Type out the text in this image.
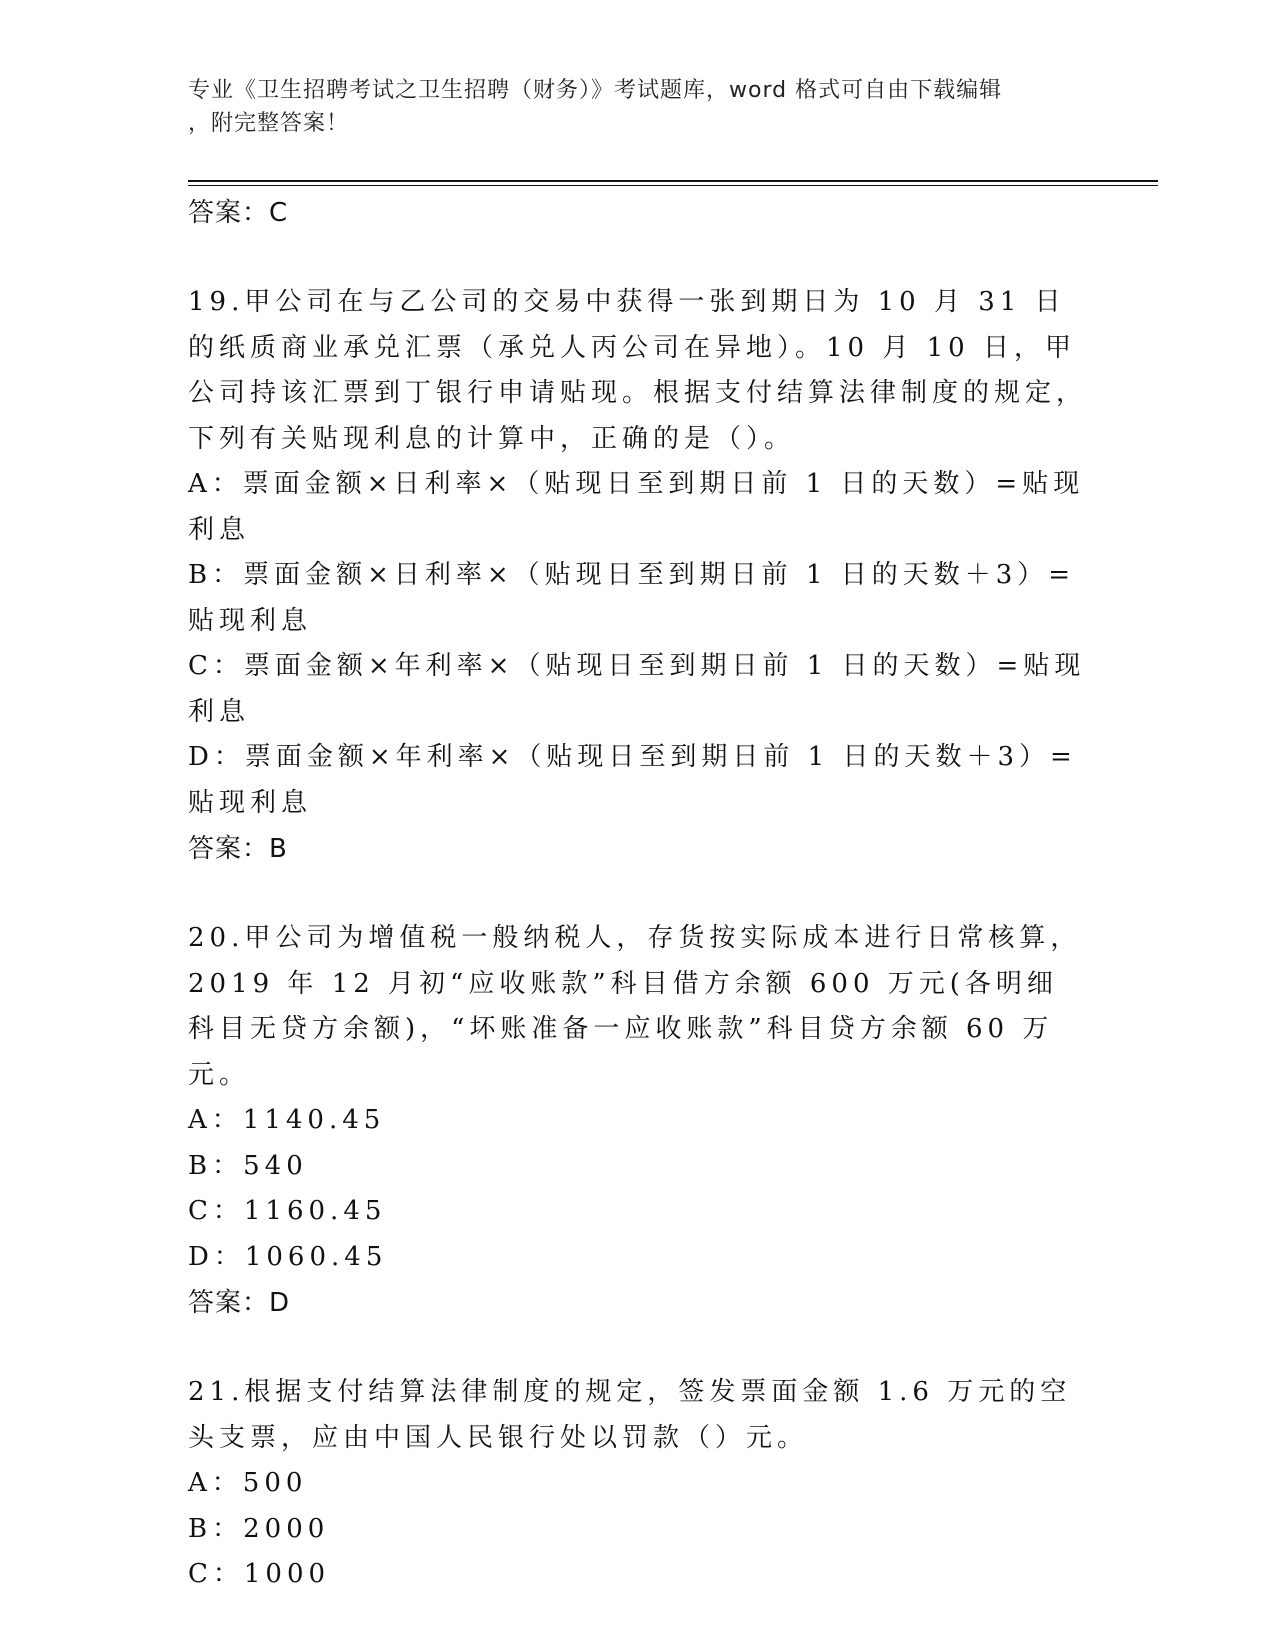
专业《卫生招聘考试之卫生招聘（财务）》考试题库，word 格式可自由下载编辑
，附完整答案！

答案：C

19.甲公司在与乙公司的交易中获得一张到期日为 10 月 31 日的纸质商业承兑汇票（承兑人丙公司在异地）。10 月 10 日，甲公司持该汇票到丁银行申请贴现。根据支付结算法律制度的规定，下列有关贴现利息的计算中，正确的是（）。

A：票面金额×日利率×（贴现日至到期日前 1 日的天数）=贴现利息

B：票面金额×日利率×（贴现日至到期日前 1 日的天数＋3）=贴现利息

C：票面金额×年利率×（贴现日至到期日前 1 日的天数）=贴现利息

D：票面金额×年利率×（贴现日至到期日前 1 日的天数＋3）=贴现利息

答案：B

20.甲公司为增值税一般纳税人，存货按实际成本进行日常核算，2019 年 12 月初“应收账款”科目借方余额 600 万元(各明细科目无贷方余额)，“坏账准备一应收账款”科目贷方余额 60 万元。

A：1140.45

B：540

C：1160.45

D：1060.45

答案：D

21.根据支付结算法律制度的规定，签发票面金额 1.6 万元的空头支票，应由中国人民银行处以罚款（）元。

A：500

B：2000

C：1000
